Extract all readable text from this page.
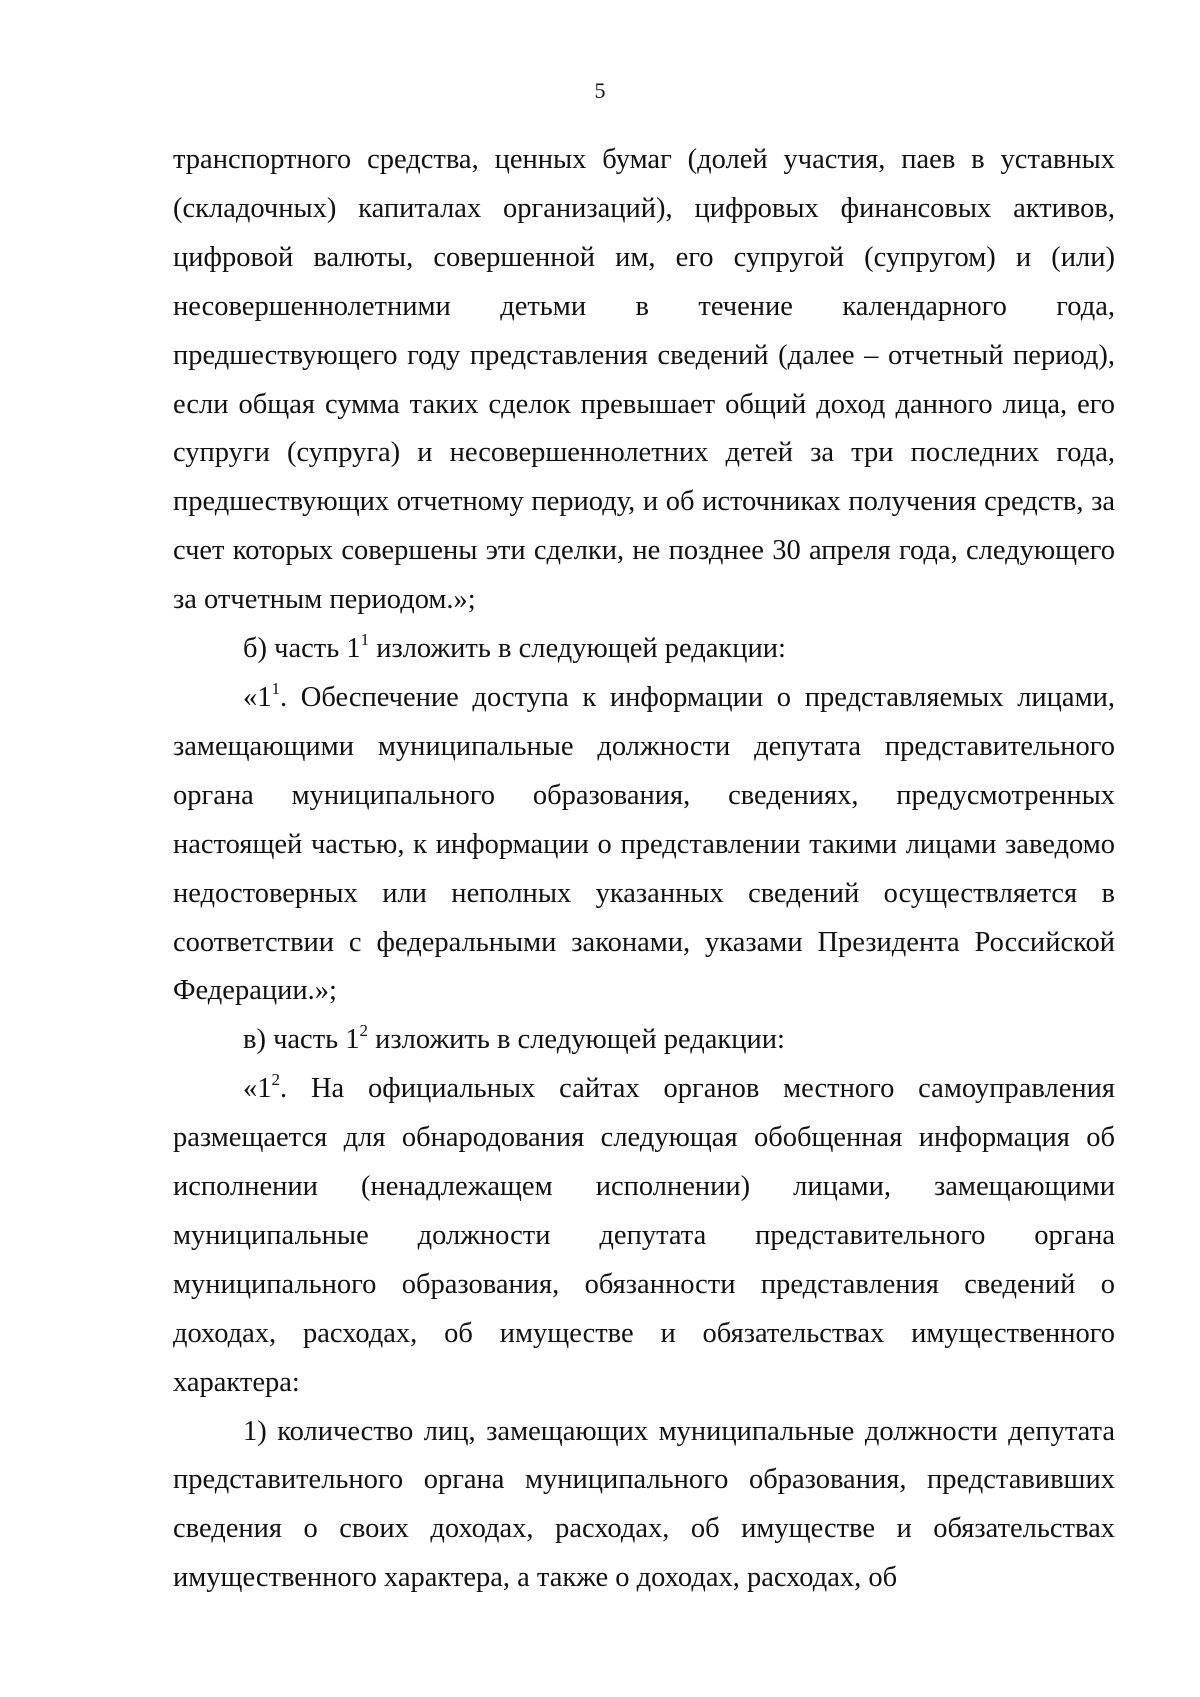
5

транспортного средства, ценных бумаг (долей участия, паев в уставных (складочных) капиталах организаций), цифровых финансовых активов, цифровой валюты, совершенной им, его супругой (супругом) и (или) несовершеннолетними детьми в течение календарного года, предшествующего году представления сведений (далее – отчетный период), если общая сумма таких сделок превышает общий доход данного лица, его супруги (супруга) и несовершеннолетних детей за три последних года, предшествующих отчетному периоду, и об источниках получения средств, за счет которых совершены эти сделки, не позднее 30 апреля года, следующего за отчетным периодом.»;

б) часть $1^1$ изложить в следующей редакции:

«$1^1$. Обеспечение доступа к информации о представляемых лицами, замещающими муниципальные должности депутата представительного органа муниципального образования, сведениях, предусмотренных настоящей частью, к информации о представлении такими лицами заведомо недостоверных или неполных указанных сведений осуществляется в соответствии с федеральными законами, указами Президента Российской Федерации.»;

в) часть $1^2$ изложить в следующей редакции:

«$1^2$. На официальных сайтах органов местного самоуправления размещается для обнародования следующая обобщенная информация об исполнении (ненадлежащем исполнении) лицами, замещающими муниципальные должности депутата представительного органа муниципального образования, обязанности представления сведений о доходах, расходах, об имуществе и обязательствах имущественного характера:

1) количество лиц, замещающих муниципальные должности депутата представительного органа муниципального образования, представивших сведения о своих доходах, расходах, об имуществе и обязательствах имущественного характера, а также о доходах, расходах, об
